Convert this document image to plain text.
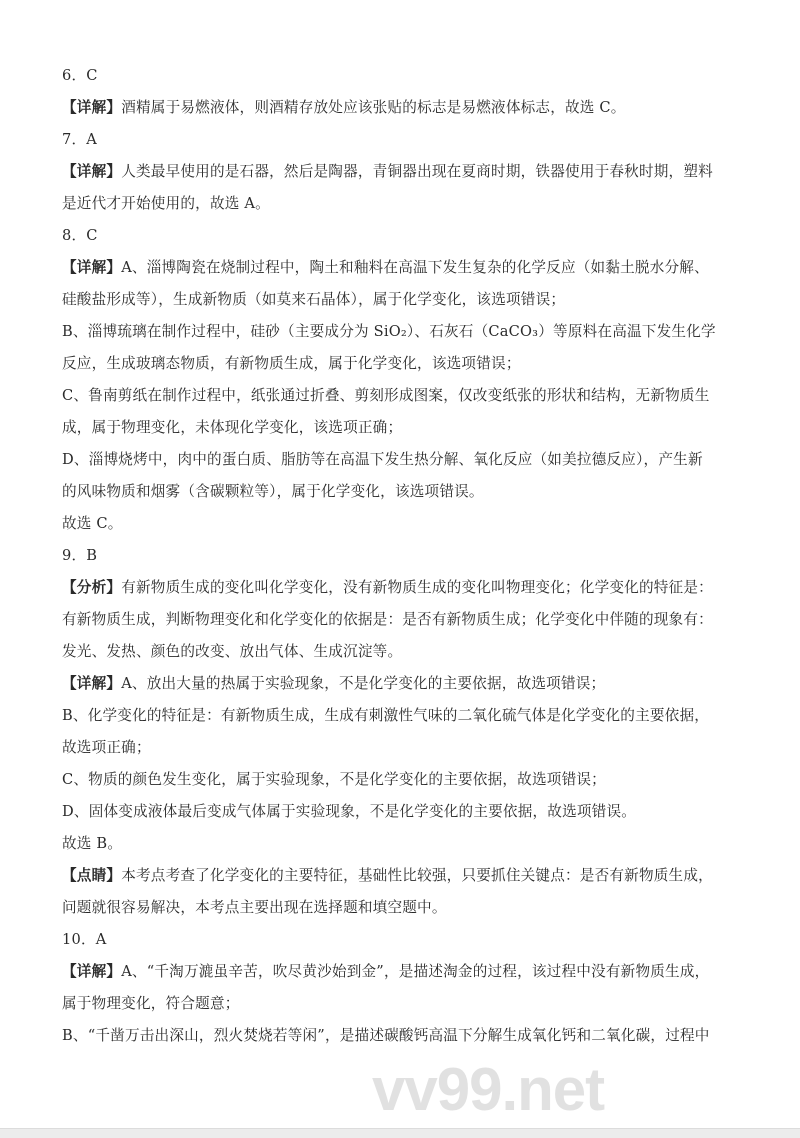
6．C
【详解】酒精属于易燃液体，则酒精存放处应该张贴的标志是易燃液体标志，故选 C。
7．A
【详解】人类最早使用的是石器，然后是陶器，青铜器出现在夏商时期，铁器使用于春秋时期，塑料
是近代才开始使用的，故选 A。
8．C
【详解】A、淄博陶瓷在烧制过程中，陶土和釉料在高温下发生复杂的化学反应（如黏土脱水分解、
硅酸盐形成等），生成新物质（如莫来石晶体），属于化学变化，该选项错误；
B、淄博琉璃在制作过程中，硅砂（主要成分为 SiO₂）、石灰石（CaCO₃）等原料在高温下发生化学
反应，生成玻璃态物质，有新物质生成，属于化学变化，该选项错误；
C、鲁南剪纸在制作过程中，纸张通过折叠、剪刻形成图案，仅改变纸张的形状和结构，无新物质生
成，属于物理变化，未体现化学变化，该选项正确；
D、淄博烧烤中，肉中的蛋白质、脂肪等在高温下发生热分解、氧化反应（如美拉德反应），产生新
的风味物质和烟雾（含碳颗粒等），属于化学变化，该选项错误。
故选 C。
9．B
【分析】有新物质生成的变化叫化学变化，没有新物质生成的变化叫物理变化；化学变化的特征是：
有新物质生成，判断物理变化和化学变化的依据是：是否有新物质生成；化学变化中伴随的现象有：
发光、发热、颜色的改变、放出气体、生成沉淀等。
【详解】A、放出大量的热属于实验现象，不是化学变化的主要依据，故选项错误；
B、化学变化的特征是：有新物质生成，生成有刺激性气味的二氧化硫气体是化学变化的主要依据，
故选项正确；
C、物质的颜色发生变化，属于实验现象，不是化学变化的主要依据，故选项错误；
D、固体变成液体最后变成气体属于实验现象，不是化学变化的主要依据，故选项错误。
故选 B。
【点睛】本考点考查了化学变化的主要特征，基础性比较强，只要抓住关键点：是否有新物质生成，
问题就很容易解决，本考点主要出现在选择题和填空题中。
10．A
【详解】A、“千淘万漉虽辛苦，吹尽黄沙始到金”，是描述淘金的过程，该过程中没有新物质生成，
属于物理变化，符合题意；
B、“千凿万击出深山，烈火焚烧若等闲”，是描述碳酸钙高温下分解生成氧化钙和二氧化碳，过程中
vv99.net
